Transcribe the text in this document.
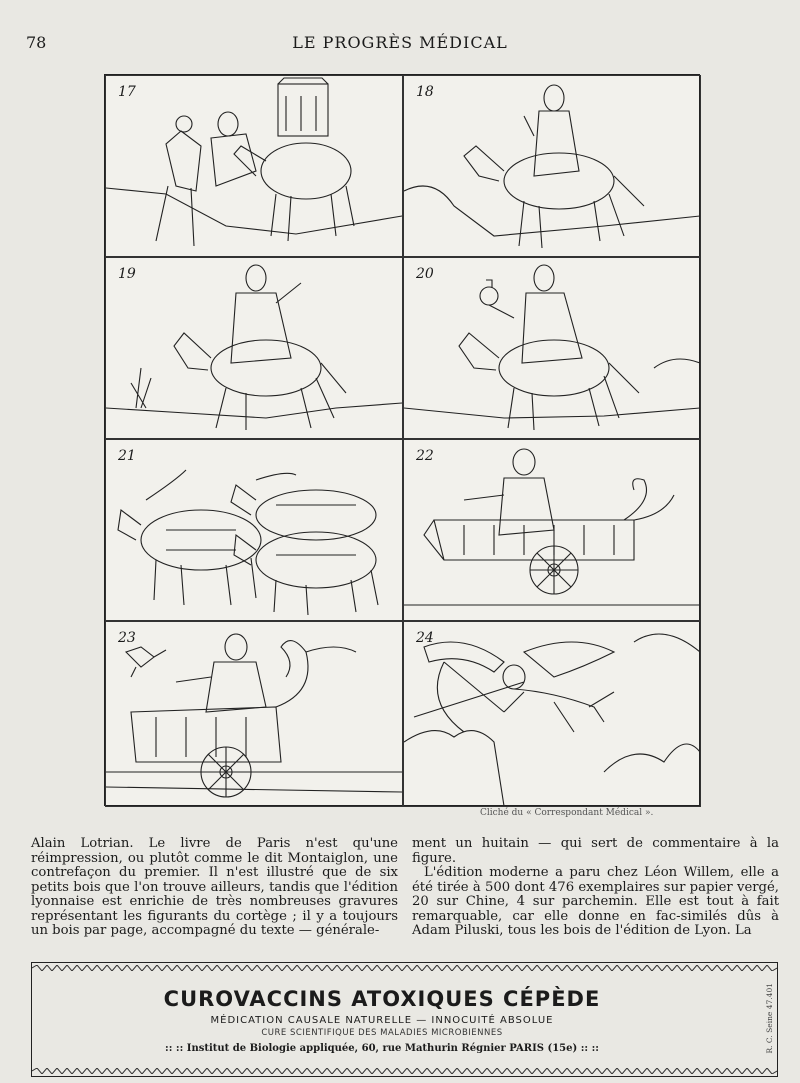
78	LE PROGRÈS MÉDICAL
17	18
19	20
21	22
23	24
Cliché du « Correspondant Médical ».

Alain Lotrian. Le livre de Paris n'est qu'une réimpression, ou plutôt comme le dit Montaiglon, une contrefaçon du premier. Il n'est illustré que de six petits bois que l'on trouve ailleurs, tandis que l'édition lyonnaise est enrichie de très nombreuses gravures représentant les figurants du cortège ; il y a toujours un bois par page, accompagné du texte — générale-

ment un huitain — qui sert de commentaire à la figure.

L'édition moderne a paru chez Léon Willem, elle a été tirée à 500 dont 476 exemplaires sur papier vergé, 20 sur Chine, 4 sur parchemin. Elle est tout à fait remarquable, car elle donne en fac-similés dûs à Adam Piluski, tous les bois de l'édition de Lyon. La

CUROVACCINS ATOXIQUES CÉPÈDE
MÉDICATION CAUSALE NATURELLE — INNOCUITÉ ABSOLUE
CURE SCIENTIFIQUE DES MALADIES MICROBIENNES
:: :: Institut de Biologie appliquée, 60, rue Mathurin Régnier PARIS (15e) :: ::	R. C. Seine 47.401
